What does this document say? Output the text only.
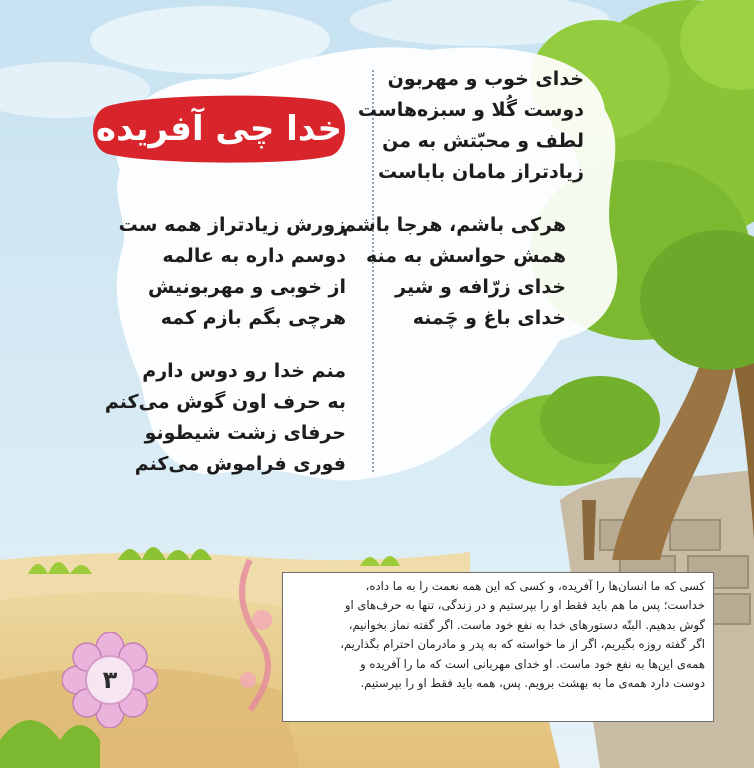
خدا چی آفریده
خدای خوب و مهربون
دوست گُلا و سبزه‌هاست
لطف و محبّتش به من
زیادتراز مامان باباست
هرکی باشم، هرجا باشم
همش حواسش به منه
خدای زرّافه و شیر
خدای باغ و چَمنه
زورش زیادتراز همه ست
دوسم داره به عالمه
از خوبی و مهربونیش
هرچی بگم بازم کمه
منم خدا رو دوس دارم
به حرف اون گوش می‌کنم
حرفای زشت شیطونو
فوری فراموش می‌کنم
کسی که ما انسان‌ها را آفریده، و کسی که این همه نعمت را به ما داده،
خداست؛ پس ما هم باید فقط او را بپرستیم و در زندگی، تنها به حرف‌های او
گوش بدهیم. البتّه دستورهای خدا به نفع خود ماست. اگر گفته نماز بخوانیم،
اگر گفته روزه بگیریم، اگر از ما خواسته که به پدر و مادرمان احترام بگذاریم،
همه‌ی این‌ها به نفع خود ماست. او خدای مهربانی است که ما را آفریده و
دوست دارد همه‌ی ما به بهشت برویم. پس، همه باید فقط او را بپرستیم.
۳
